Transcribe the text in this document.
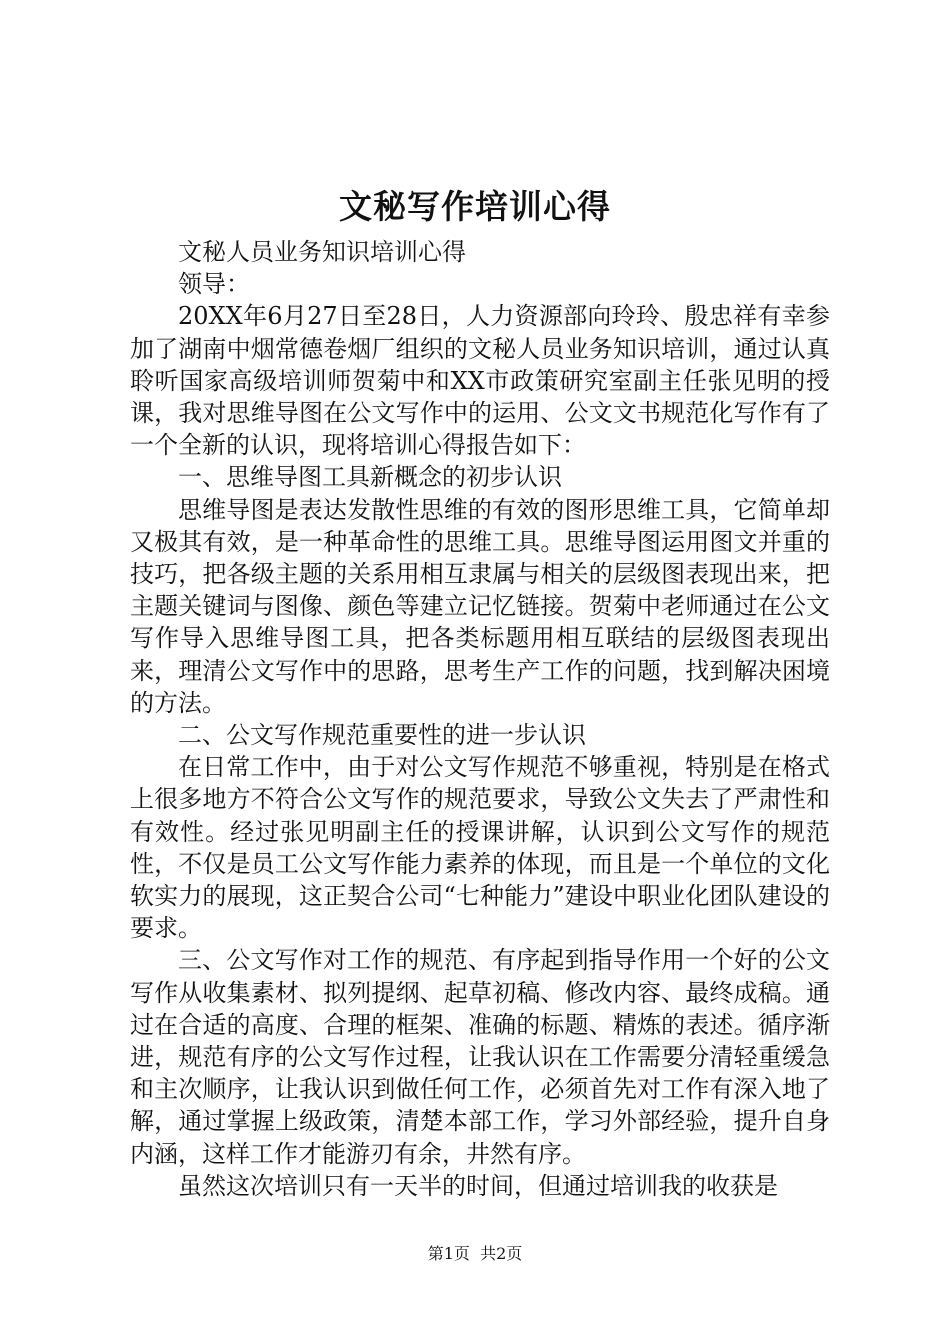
文秘写作培训心得

文秘人员业务知识培训心得

领导：

20XX年6月27日至28日，人力资源部向玲玲、殷忠祥有幸参加了湖南中烟常德卷烟厂组织的文秘人员业务知识培训，通过认真聆听国家高级培训师贺菊中和XX市政策研究室副主任张见明的授课，我对思维导图在公文写作中的运用、公文文书规范化写作有了一个全新的认识，现将培训心得报告如下：

一、思维导图工具新概念的初步认识

思维导图是表达发散性思维的有效的图形思维工具，它简单却又极其有效，是一种革命性的思维工具。思维导图运用图文并重的技巧，把各级主题的关系用相互隶属与相关的层级图表现出来，把主题关键词与图像、颜色等建立记忆链接。贺菊中老师通过在公文写作导入思维导图工具，把各类标题用相互联结的层级图表现出来，理清公文写作中的思路，思考生产工作的问题，找到解决困境的方法。

二、公文写作规范重要性的进一步认识

在日常工作中，由于对公文写作规范不够重视，特别是在格式上很多地方不符合公文写作的规范要求，导致公文失去了严肃性和有效性。经过张见明副主任的授课讲解，认识到公文写作的规范性，不仅是员工公文写作能力素养的体现，而且是一个单位的文化软实力的展现，这正契合公司“七种能力”建设中职业化团队建设的要求。

三、公文写作对工作的规范、有序起到指导作用一个好的公文写作从收集素材、拟列提纲、起草初稿、修改内容、最终成稿。通过在合适的高度、合理的框架、准确的标题、精炼的表述。循序渐进，规范有序的公文写作过程，让我认识在工作需要分清轻重缓急和主次顺序，让我认识到做任何工作，必须首先对工作有深入地了解，通过掌握上级政策，清楚本部工作，学习外部经验，提升自身内涵，这样工作才能游刃有余，井然有序。

虽然这次培训只有一天半的时间，但通过培训我的收获是

第1页  共2页
